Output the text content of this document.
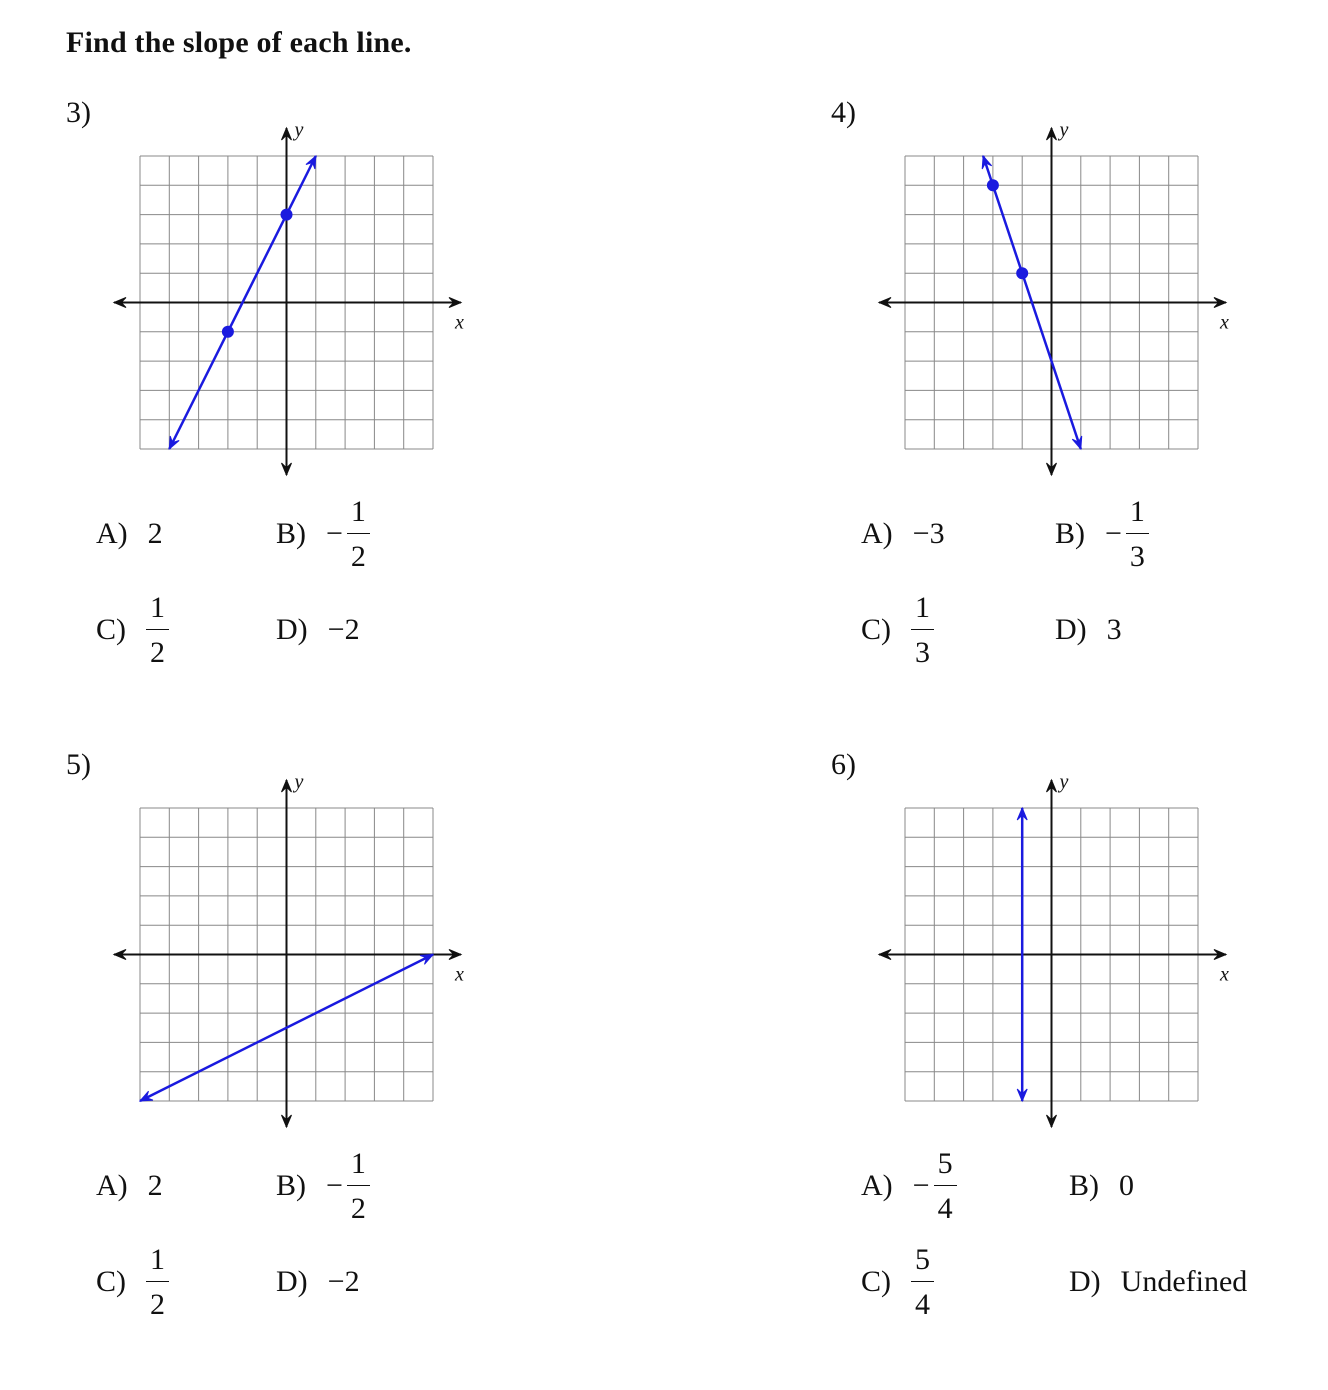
Find the slope of each line.
3)
x
y
A) 2	$B) - \frac{1}{2}$
$C) \frac{1}{2}$	D) −2
4)
x
y
A) −3	$B) - \frac{1}{3}$
$C) \frac{1}{3}$	D) 3
5)
x
y
A) 2	$B) - \frac{1}{2}$
$C) \frac{1}{2}$	D) −2
6)
x
y
$A) - \frac{5}{4}$	B) 0
$C) \frac{5}{4}$	D) Undefined
